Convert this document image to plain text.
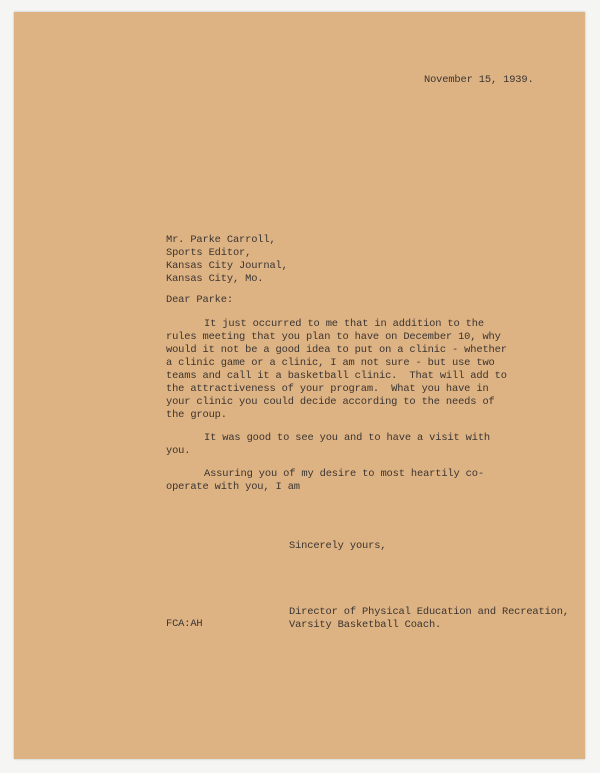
November 15, 1939.
Mr. Parke Carroll,
Sports Editor,
Kansas City Journal,
Kansas City, Mo.
Dear Parke:
It just occurred to me that in addition to the
rules meeting that you plan to have on December 10, why
would it not be a good idea to put on a clinic - whether
a clinic game or a clinic, I am not sure - but use two
teams and call it a basketball clinic.  That will add to
the attractiveness of your program.  What you have in
your clinic you could decide according to the needs of
the group.
It was good to see you and to have a visit with
you.
Assuring you of my desire to most heartily co-
operate with you, I am
Sincerely yours,
Director of Physical Education and Recreation,
Varsity Basketball Coach.
FCA:AH
